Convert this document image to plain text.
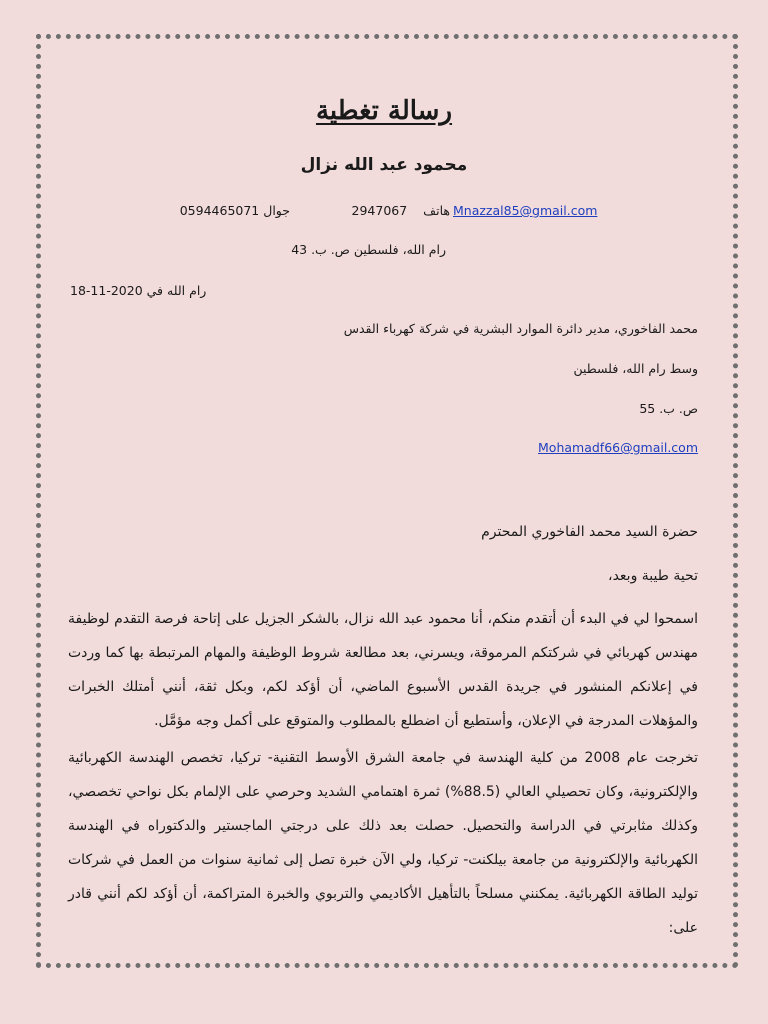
رسالة تغطية
محمود عبد الله نزال
Mnazzal85@gmail.com
هاتف  2947067
جوال 0594465071
رام الله، فلسطين ص. ب. 43
رام الله في 2020-11-18
محمد الفاخوري، مدير دائرة الموارد البشرية في شركة كهرباء القدس
وسط رام الله، فلسطين
ص. ب. 55
Mohamadf66@gmail.com
حضرة السيد محمد الفاخوري المحترم
تحية طيبة وبعد،
اسمحوا لي في البدء أن أتقدم منكم، أنا محمود عبد الله نزال، بالشكر الجزيل على إتاحة فرصة التقدم لوظيفة مهندس كهربائي في شركتكم المرموقة، ويسرني، بعد مطالعة شروط الوظيفة والمهام المرتبطة بها كما وردت في إعلانكم المنشور في جريدة القدس الأسبوع الماضي، أن أؤكد لكم، وبكل ثقة، أنني أمتلك الخبرات والمؤهلات المدرجة في الإعلان، وأستطيع أن اضطلع بالمطلوب والمتوقع على أكمل وجه مؤمَّل.
تخرجت عام 2008 من كلية الهندسة في جامعة الشرق الأوسط التقنية- تركيا، تخصص الهندسة الكهربائية والإلكترونية، وكان تحصيلي العالي (88.5%) ثمرة اهتمامي الشديد وحرصي على الإلمام بكل نواحي تخصصي، وكذلك مثابرتي في الدراسة والتحصيل. حصلت بعد ذلك على درجتي الماجستير والدكتوراه في الهندسة الكهربائية والإلكترونية من جامعة بيلكنت- تركيا، ولي الآن خبرة تصل إلى ثمانية سنوات من العمل في شركات توليد الطاقة الكهربائية. يمكنني مسلحاً بالتأهيل الأكاديمي والتربوي والخبرة المتراكمة، أن أؤكد لكم أنني قادر على:
